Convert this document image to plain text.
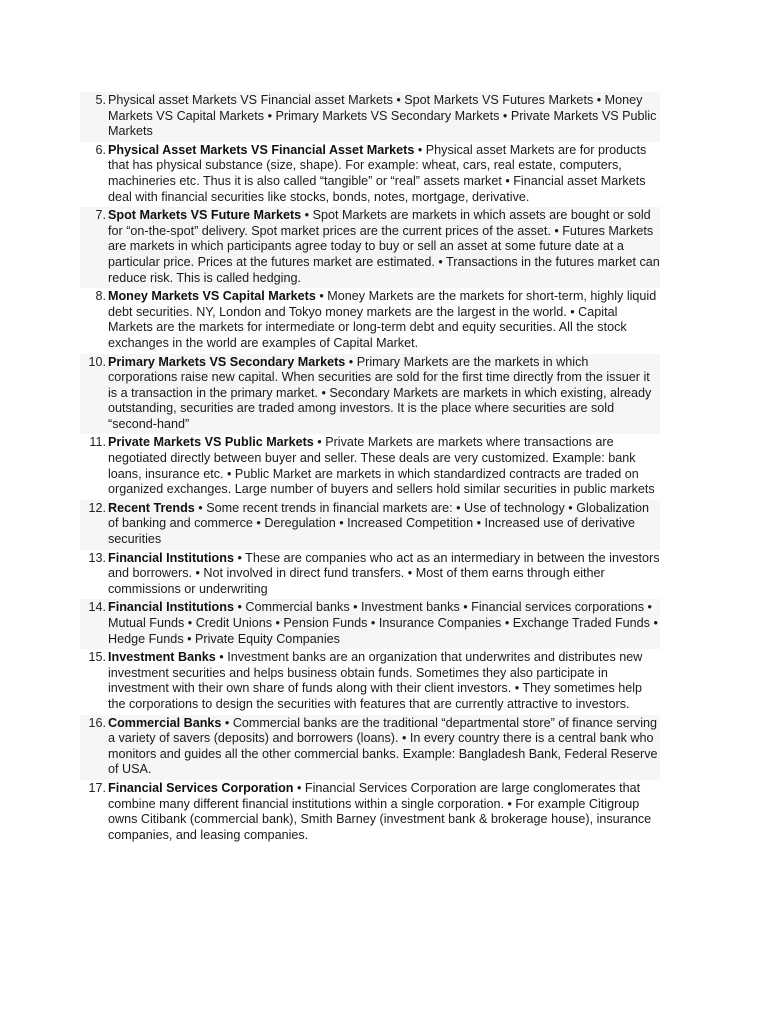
5. Physical asset Markets VS Financial asset Markets • Spot Markets VS Futures Markets • Money Markets VS Capital Markets • Primary Markets VS Secondary Markets • Private Markets VS Public Markets
6. Physical Asset Markets VS Financial Asset Markets • Physical asset Markets are for products that has physical substance (size, shape). For example: wheat, cars, real estate, computers, machineries etc. Thus it is also called “tangible” or “real” assets market • Financial asset Markets deal with financial securities like stocks, bonds, notes, mortgage, derivative.
7. Spot Markets VS Future Markets • Spot Markets are markets in which assets are bought or sold for “on-the-spot” delivery. Spot market prices are the current prices of the asset. • Futures Markets are markets in which participants agree today to buy or sell an asset at some future date at a particular price. Prices at the futures market are estimated. • Transactions in the futures market can reduce risk. This is called hedging.
8. Money Markets VS Capital Markets • Money Markets are the markets for short-term, highly liquid debt securities. NY, London and Tokyo money markets are the largest in the world. • Capital Markets are the markets for intermediate or long-term debt and equity securities. All the stock exchanges in the world are examples of Capital Market.
10. Primary Markets VS Secondary Markets • Primary Markets are the markets in which corporations raise new capital. When securities are sold for the first time directly from the issuer it is a transaction in the primary market. • Secondary Markets are markets in which existing, already outstanding, securities are traded among investors. It is the place where securities are sold “second-hand”
11. Private Markets VS Public Markets • Private Markets are markets where transactions are negotiated directly between buyer and seller. These deals are very customized. Example: bank loans, insurance etc. • Public Market are markets in which standardized contracts are traded on organized exchanges. Large number of buyers and sellers hold similar securities in public markets
12. Recent Trends • Some recent trends in financial markets are: • Use of technology • Globalization of banking and commerce • Deregulation • Increased Competition • Increased use of derivative securities
13. Financial Institutions • These are companies who act as an intermediary in between the investors and borrowers. • Not involved in direct fund transfers. • Most of them earns through either commissions or underwriting
14. Financial Institutions • Commercial banks • Investment banks • Financial services corporations • Mutual Funds • Credit Unions • Pension Funds • Insurance Companies • Exchange Traded Funds • Hedge Funds • Private Equity Companies
15. Investment Banks • Investment banks are an organization that underwrites and distributes new investment securities and helps business obtain funds. Sometimes they also participate in investment with their own share of funds along with their client investors. • They sometimes help the corporations to design the securities with features that are currently attractive to investors.
16. Commercial Banks • Commercial banks are the traditional “departmental store” of finance serving a variety of savers (deposits) and borrowers (loans). • In every country there is a central bank who monitors and guides all the other commercial banks. Example: Bangladesh Bank, Federal Reserve of USA.
17. Financial Services Corporation • Financial Services Corporation are large conglomerates that combine many different financial institutions within a single corporation. • For example Citigroup owns Citibank (commercial bank), Smith Barney (investment bank & brokerage house), insurance companies, and leasing companies.
